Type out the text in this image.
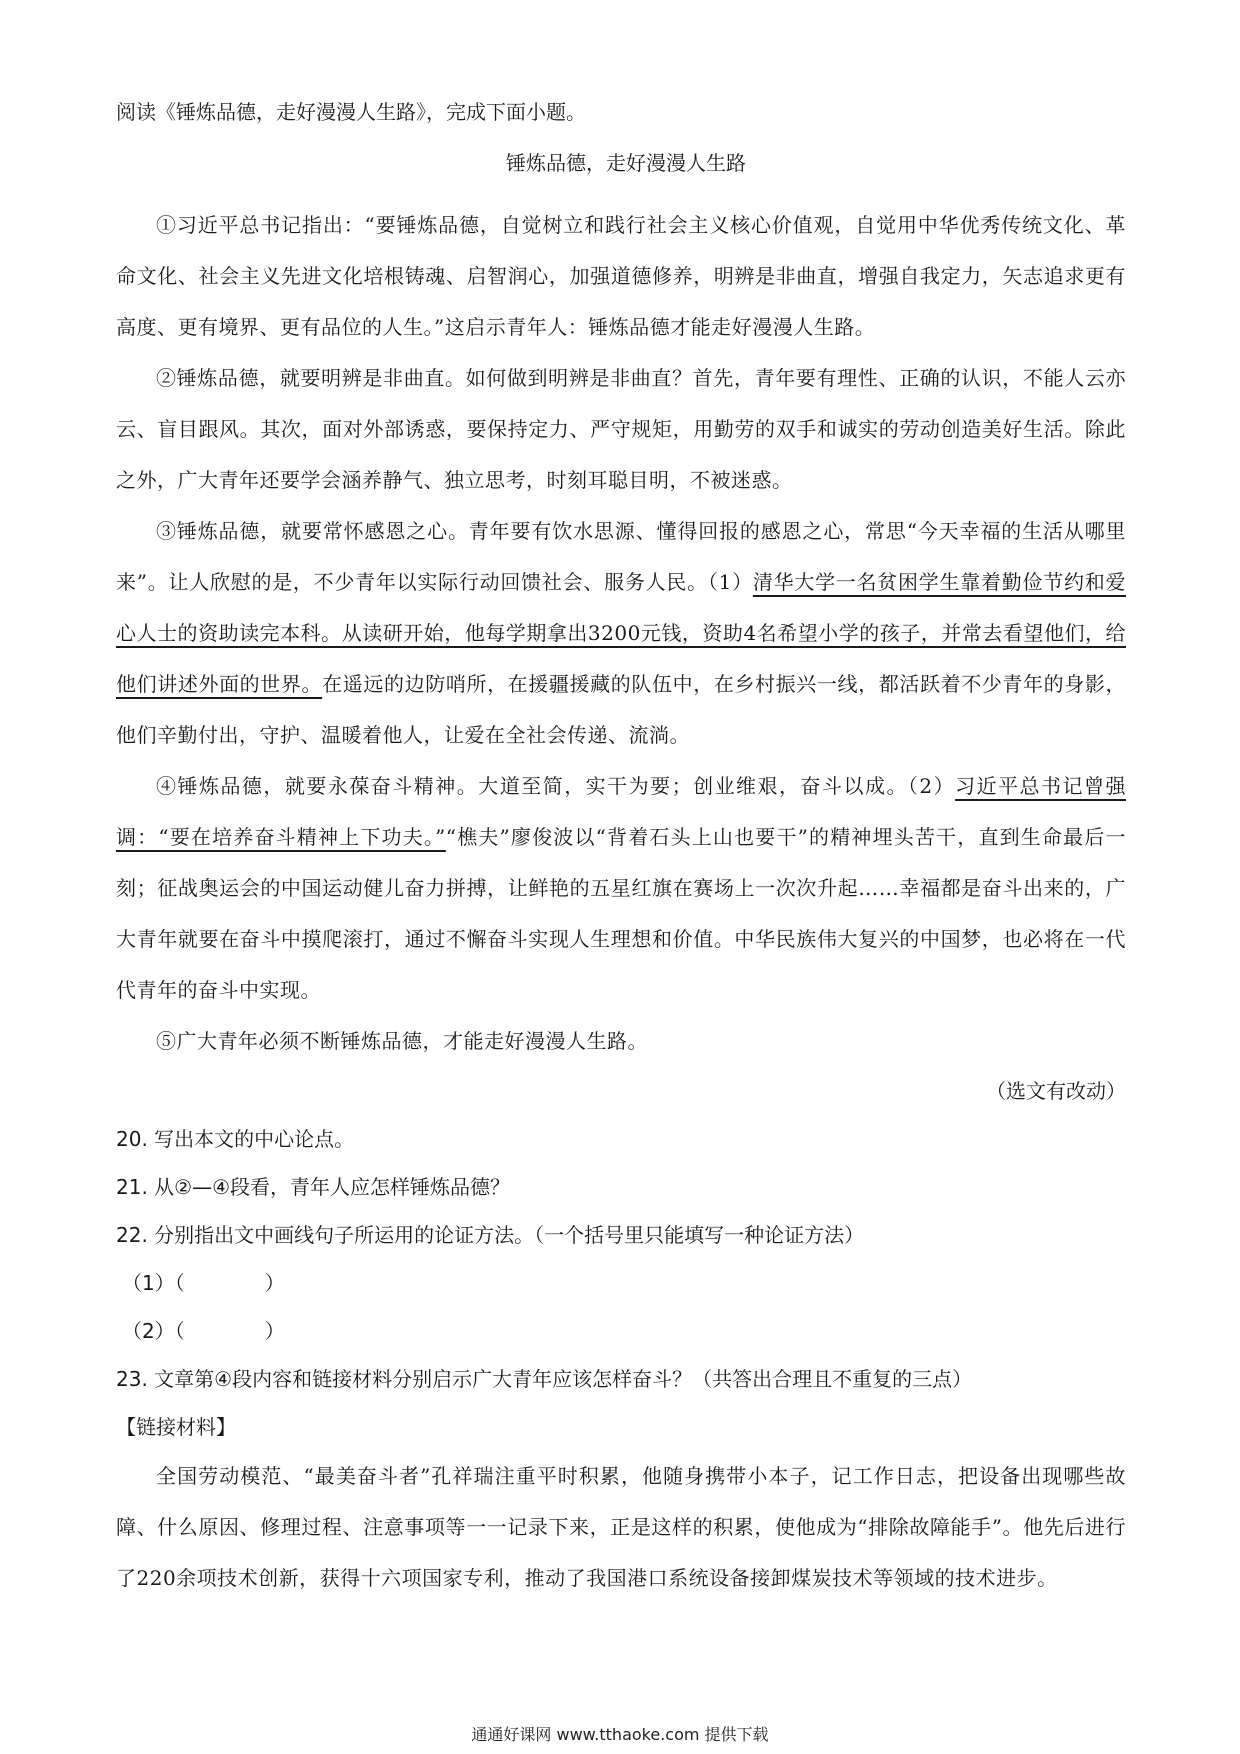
阅读《锤炼品德，走好漫漫人生路》，完成下面小题。
锤炼品德，走好漫漫人生路

①习近平总书记指出：“要锤炼品德，自觉树立和践行社会主义核心价值观，自觉用中华优秀传统文化、革命文化、社会主义先进文化培根铸魂、启智润心，加强道德修养，明辨是非曲直，增强自我定力，矢志追求更有高度、更有境界、更有品位的人生。”这启示青年人：锤炼品德才能走好漫漫人生路。

②锤炼品德，就要明辨是非曲直。如何做到明辨是非曲直？首先，青年要有理性、正确的认识，不能人云亦云、盲目跟风。其次，面对外部诱惑，要保持定力、严守规矩，用勤劳的双手和诚实的劳动创造美好生活。除此之外，广大青年还要学会涵养静气、独立思考，时刻耳聪目明，不被迷惑。

③锤炼品德，就要常怀感恩之心。青年要有饮水思源、懂得回报的感恩之心，常思“今天幸福的生活从哪里来”。让人欣慰的是，不少青年以实际行动回馈社会、服务人民。（1）清华大学一名贫困学生靠着勤俭节约和爱心人士的资助读完本科。从读研开始，他每学期拿出3200元钱，资助4名希望小学的孩子，并常去看望他们，给他们讲述外面的世界。在遥远的边防哨所，在援疆援藏的队伍中，在乡村振兴一线，都活跃着不少青年的身影，他们辛勤付出，守护、温暖着他人，让爱在全社会传递、流淌。

④锤炼品德，就要永葆奋斗精神。大道至简，实干为要；创业维艰，奋斗以成。（2）习近平总书记曾强调：“要在培养奋斗精神上下功夫。”“樵夫”廖俊波以“背着石头上山也要干”的精神埋头苦干，直到生命最后一刻；征战奥运会的中国运动健儿奋力拼搏，让鲜艳的五星红旗在赛场上一次次升起……幸福都是奋斗出来的，广大青年就要在奋斗中摸爬滚打，通过不懈奋斗实现人生理想和价值。中华民族伟大复兴的中国梦，也必将在一代代青年的奋斗中实现。

⑤广大青年必须不断锤炼品德，才能走好漫漫人生路。

（选文有改动）

20. 写出本文的中心论点。

21. 从②—④段看，青年人应怎样锤炼品德？

22. 分别指出文中画线句子所运用的论证方法。（一个括号里只能填写一种论证方法）

（1）（　　　　）

（2）（　　　　）

23. 文章第④段内容和链接材料分别启示广大青年应该怎样奋斗？（共答出合理且不重复的三点）

【链接材料】

全国劳动模范、“最美奋斗者”孔祥瑞注重平时积累，他随身携带小本子，记工作日志，把设备出现哪些故障、什么原因、修理过程、注意事项等一一记录下来，正是这样的积累，使他成为“排除故障能手”。他先后进行了220余项技术创新，获得十六项国家专利，推动了我国港口系统设备接卸煤炭技术等领域的技术进步。

通通好课网 www.tthaoke.com 提供下载
